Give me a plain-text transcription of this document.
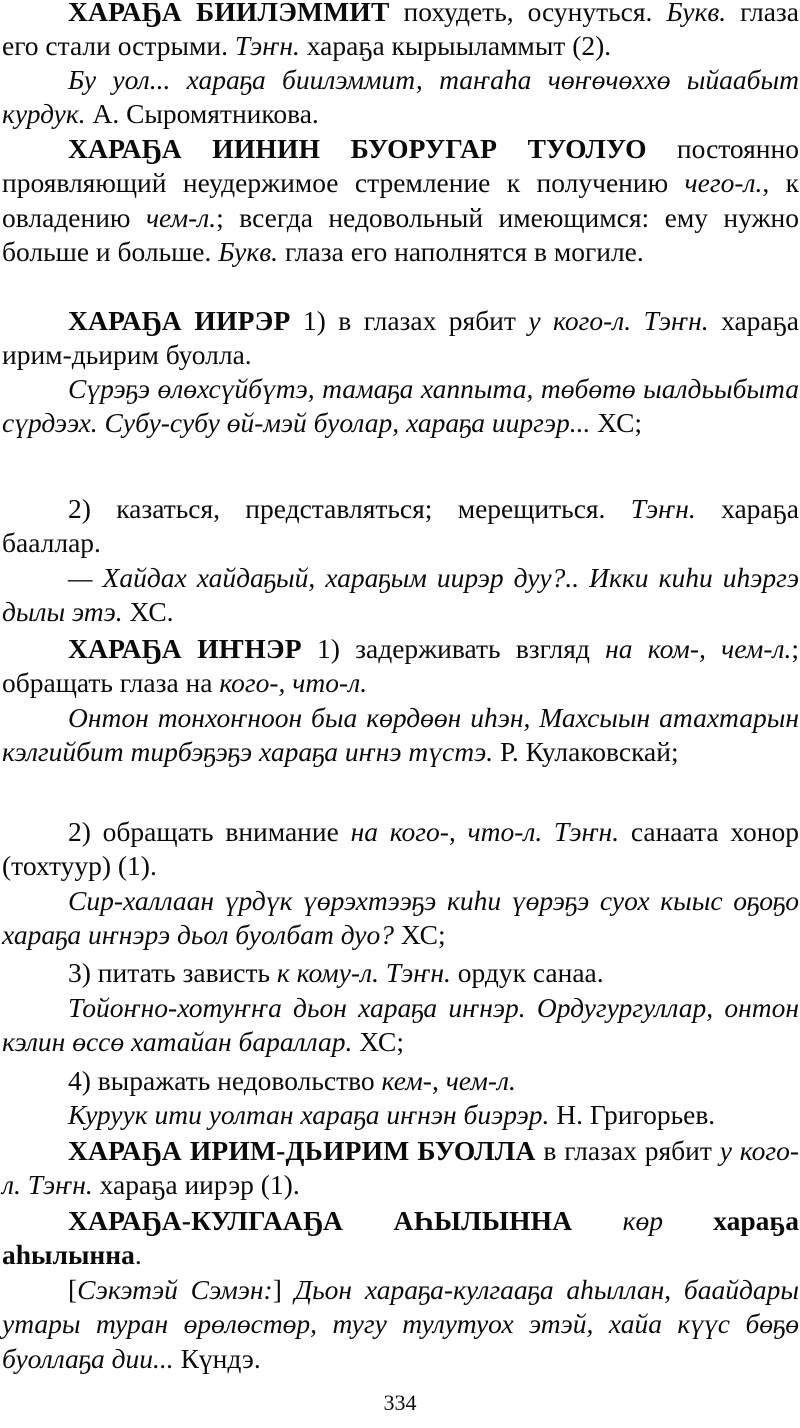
ХАРАҔА БИИЛЭММИТ похудеть, осунуться. Букв. глаза его стали острыми. Тэҥн. хараҕа кырыыламмыт (2).

Бу уол... хараҕа биилэммит, таҥаһа чөҥөчөххө ыйаабыт курдук. А. Сыромятникова.

ХАРАҔА ИИНИН БУОРУГАР ТУОЛУО постоянно проявляющий неудержимое стремление к получению чего-л., к овладению чем-л.; всегда недовольный имеющимся: ему нужно больше и больше. Букв. глаза его наполнятся в могиле.

ХАРАҔА ИИРЭР 1) в глазах рябит у кого-л. Тэҥн. хараҕа ирим-дьирим буолла.

Сүрэҕэ өлөхсүйбүтэ, тамаҕа хаппыта, төбөтө ыалдьыбыта сүрдээх. Субу-субу өй-мэй буолар, хараҕа ииргэр... ХС;

2) казаться, представляться; мерещиться. Тэҥн. хараҕа бааллар.

— Хайдах хайдаҕый, хараҕым иирэр дуу?.. Икки киһи иһэргэ дылы этэ. ХС.

ХАРАҔА ИҤНЭР 1) задерживать взгляд на ком-, чем-л.; обращать глаза на кого-, что-л.

Онтон тонхоҥноон быа көрдөөн иһэн, Махсыын атахтарын кэлгийбит тирбэҕэҕэ хараҕа иҥнэ түстэ. Р. Кулаковскай;

2) обращать внимание на кого-, что-л. Тэҥн. санаата хонор (тохтуур) (1).

Сир-халлаан үрдүк үөрэхтээҕэ киһи үөрэҕэ суох кыыс оҕоҕо хараҕа иҥнэрэ дьол буолбат дуо? ХС;

3) питать зависть к кому-л. Тэҥн. ордук санаа.

Тойоҥно-хотуҥҥа дьон хараҕа иҥнэр. Ордугургуллар, онтон кэлин өссө хатайан бараллар. ХС;

4) выражать недовольство кем-, чем-л.

Куруук ити уолтан хараҕа иҥнэн биэрэр. Н. Григорьев.

ХАРАҔА ИРИМ-ДЬИРИМ БУОЛЛА в глазах рябит у кого-л. Тэҥн. хараҕа иирэр (1).

ХАРАҔА-КУЛГААҔА АҺЫЛЫННА көр хараҕа аһылынна.

[Сэкэтэй Сэмэн:] Дьон хараҕа-кулгааҕа аһыллан, баайдары утары туран өрөлөстөр, тугу тулутуох этэй, хайа күүс бөҕө буоллаҕа дии... Күндэ.

334
